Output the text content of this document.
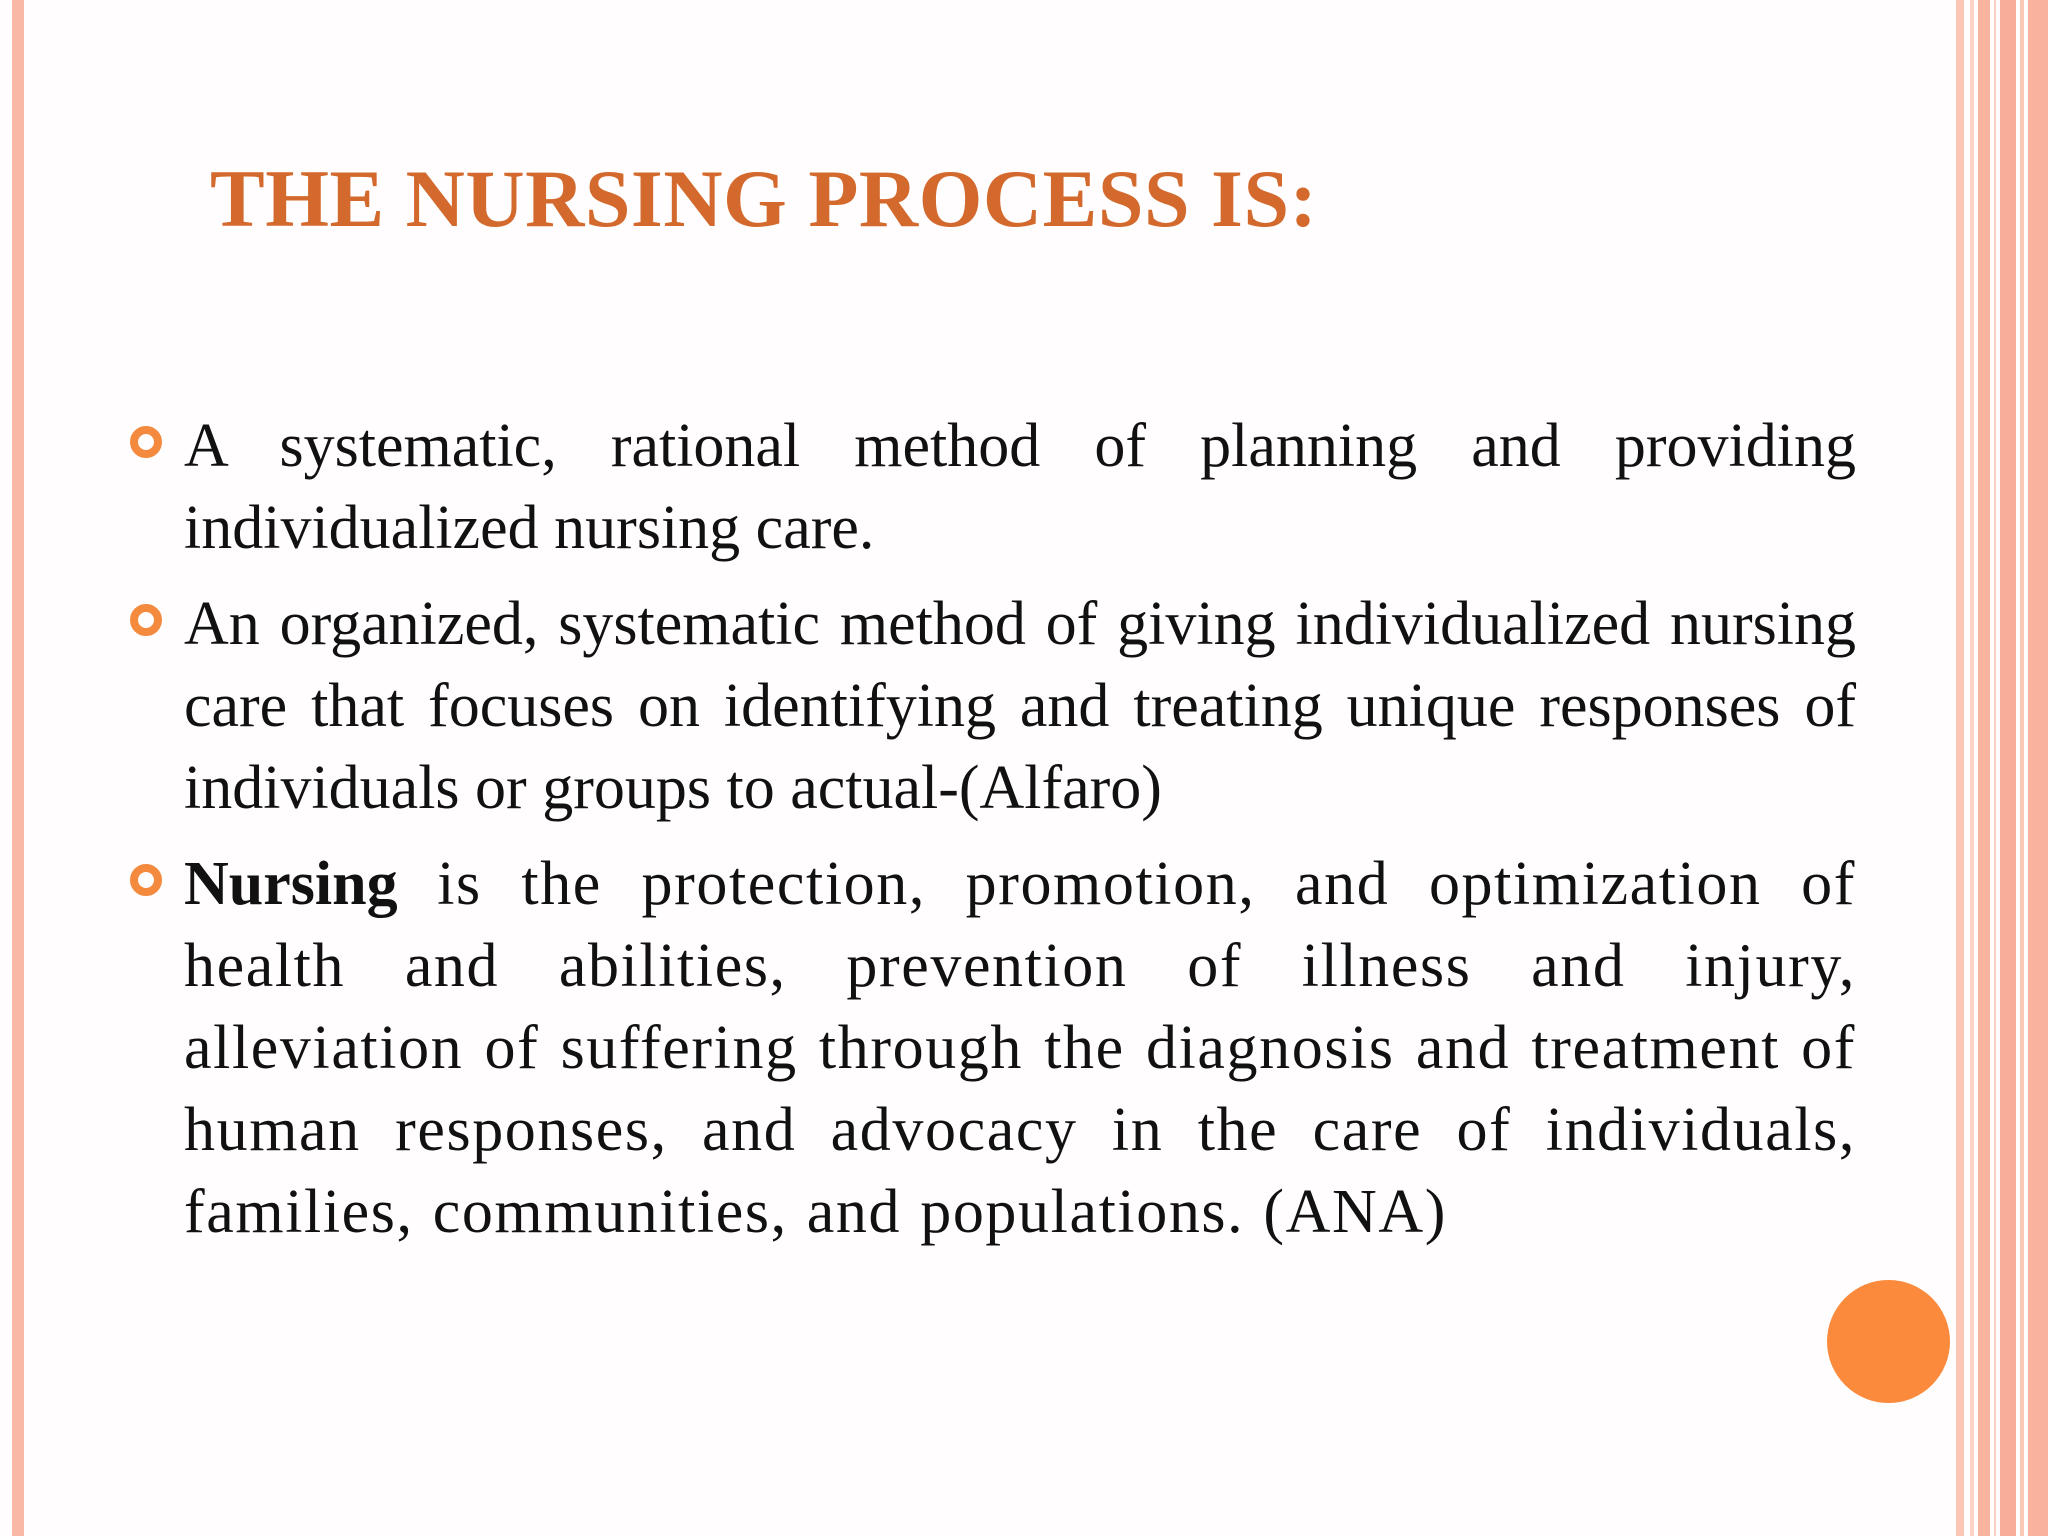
THE NURSING PROCESS IS:
A systematic, rational method of planning and providing individualized nursing care.
An organized, systematic method of giving individualized nursing care that focuses on identifying and treating unique responses of individuals or groups to actual-(Alfaro)
Nursing is the protection, promotion, and optimization of health and abilities, prevention of illness and injury, alleviation of suffering through the diagnosis and treatment of human responses, and advocacy in the care of individuals, families, communities, and populations. (ANA)
